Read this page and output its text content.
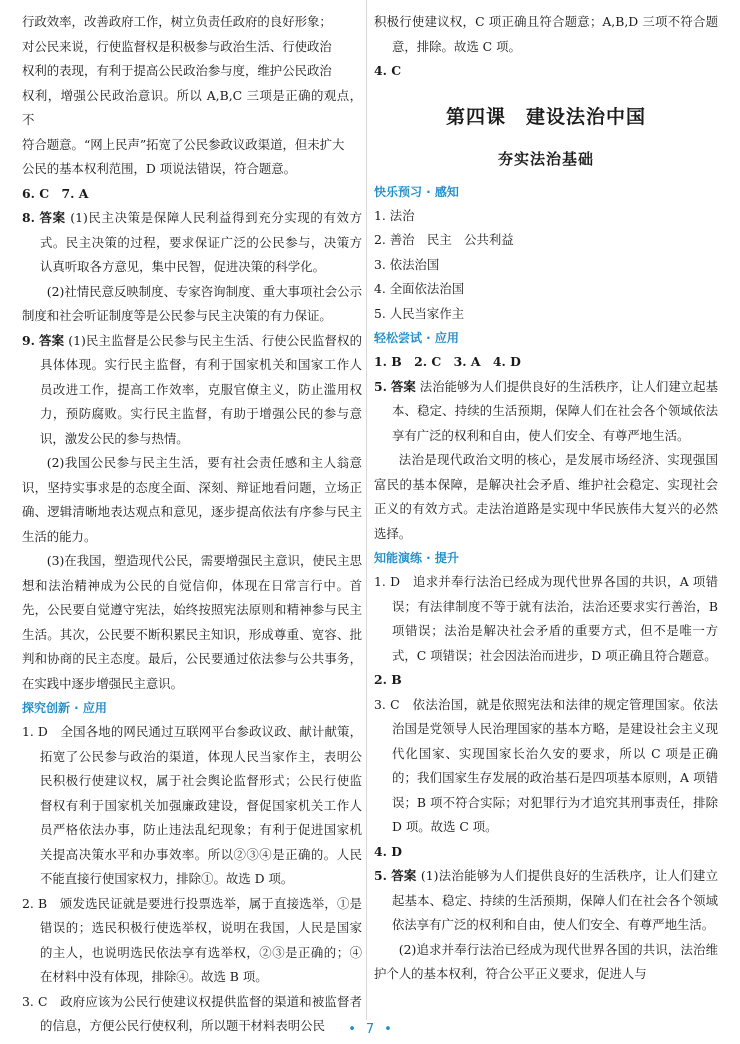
行政效率，改善政府工作，树立负责任政府的良好形象；

对公民来说，行使监督权是积极参与政治生活、行使政治

权利的表现，有利于提高公民政治参与度，维护公民政治

权利，增强公民政治意识。所以 A,B,C 三项是正确的观点，不

符合题意。“网上民声”拓宽了公民参政议政渠道，但未扩大

公民的基本权利范围，D 项说法错误，符合题意。

6. C　7. A

8. 答案 (1)民主决策是保障人民利益得到充分实现的有效方式。民主决策的过程，要求保证广泛的公民参与，决策方认真听取各方意见，集中民智，促进决策的科学化。

(2)社情民意反映制度、专家咨询制度、重大事项社会公示制度和社会听证制度等是公民参与民主决策的有力保证。

9. 答案 (1)民主监督是公民参与民主生活、行使公民监督权的具体体现。实行民主监督，有利于国家机关和国家工作人员改进工作，提高工作效率，克服官僚主义，防止滥用权力，预防腐败。实行民主监督，有助于增强公民的参与意识，激发公民的参与热情。

(2)我国公民参与民主生活，要有社会责任感和主人翁意识，坚持实事求是的态度全面、深刻、辩证地看问题，立场正确、逻辑清晰地表达观点和意见，逐步提高依法有序参与民主生活的能力。

(3)在我国，塑造现代公民，需要增强民主意识，使民主思想和法治精神成为公民的自觉信仰，体现在日常言行中。首先，公民要自觉遵守宪法，始终按照宪法原则和精神参与民主生活。其次，公民要不断积累民主知识，形成尊重、宽容、批判和协商的民主态度。最后，公民要通过依法参与公共事务，在实践中逐步增强民主意识。

探究创新 · 应用

1. D　全国各地的网民通过互联网平台参政议政、献计献策，拓宽了公民参与政治的渠道，体现人民当家作主，表明公民积极行使建议权，属于社会舆论监督形式；公民行使监督权有利于国家机关加强廉政建设，督促国家机关工作人员严格依法办事，防止违法乱纪现象；有利于促进国家机关提高决策水平和办事效率。所以②③④是正确的。人民不能直接行使国家权力，排除①。故选 D 项。

2. B　颁发选民证就是要进行投票选举，属于直接选举，①是错误的；选民积极行使选举权，说明在我国，人民是国家的主人，也说明选民依法享有选举权，②③是正确的；④在材料中没有体现，排除④。故选 B 项。

3. C　政府应该为公民行使建议权提供监督的渠道和被监督者的信息，方便公民行使权利，所以题干材料表明公民

积极行使建议权，C 项正确且符合题意；A,B,D 三项不符合题意，排除。故选 C 项。

4. C

第四课 建设法治中国
夯实法治基础

快乐预习 · 感知

1. 法治

2. 善治　民主　公共利益

3. 依法治国

4. 全面依法治国

5. 人民当家作主

轻松尝试 · 应用

1. B　2. C　3. A　4. D

5. 答案 法治能够为人们提供良好的生活秩序，让人们建立起基本、稳定、持续的生活预期，保障人们在社会各个领域依法享有广泛的权利和自由，使人们安全、有尊严地生活。

法治是现代政治文明的核心，是发展市场经济、实现强国富民的基本保障，是解决社会矛盾、维护社会稳定、实现社会正义的有效方式。走法治道路是实现中华民族伟大复兴的必然选择。

知能演练 · 提升

1. D　追求并奉行法治已经成为现代世界各国的共识，A 项错误；有法律制度不等于就有法治，法治还要求实行善治，B 项错误；法治是解决社会矛盾的重要方式，但不是唯一方式，C 项错误；社会因法治而进步，D 项正确且符合题意。

2. B

3. C　依法治国，就是依照宪法和法律的规定管理国家。依法治国是党领导人民治理国家的基本方略，是建设社会主义现代化国家、实现国家长治久安的要求，所以 C 项是正确的；我们国家生存发展的政治基石是四项基本原则，A 项错误；B 项不符合实际；对犯罪行为才追究其刑事责任，排除 D 项。故选 C 项。

4. D

5. 答案 (1)法治能够为人们提供良好的生活秩序，让人们建立起基本、稳定、持续的生活预期，保障人们在社会各个领域依法享有广泛的权利和自由，使人们安全、有尊严地生活。

(2)追求并奉行法治已经成为现代世界各国的共识，法治维护个人的基本权利，符合公平正义要求，促进人与

• 7 •
